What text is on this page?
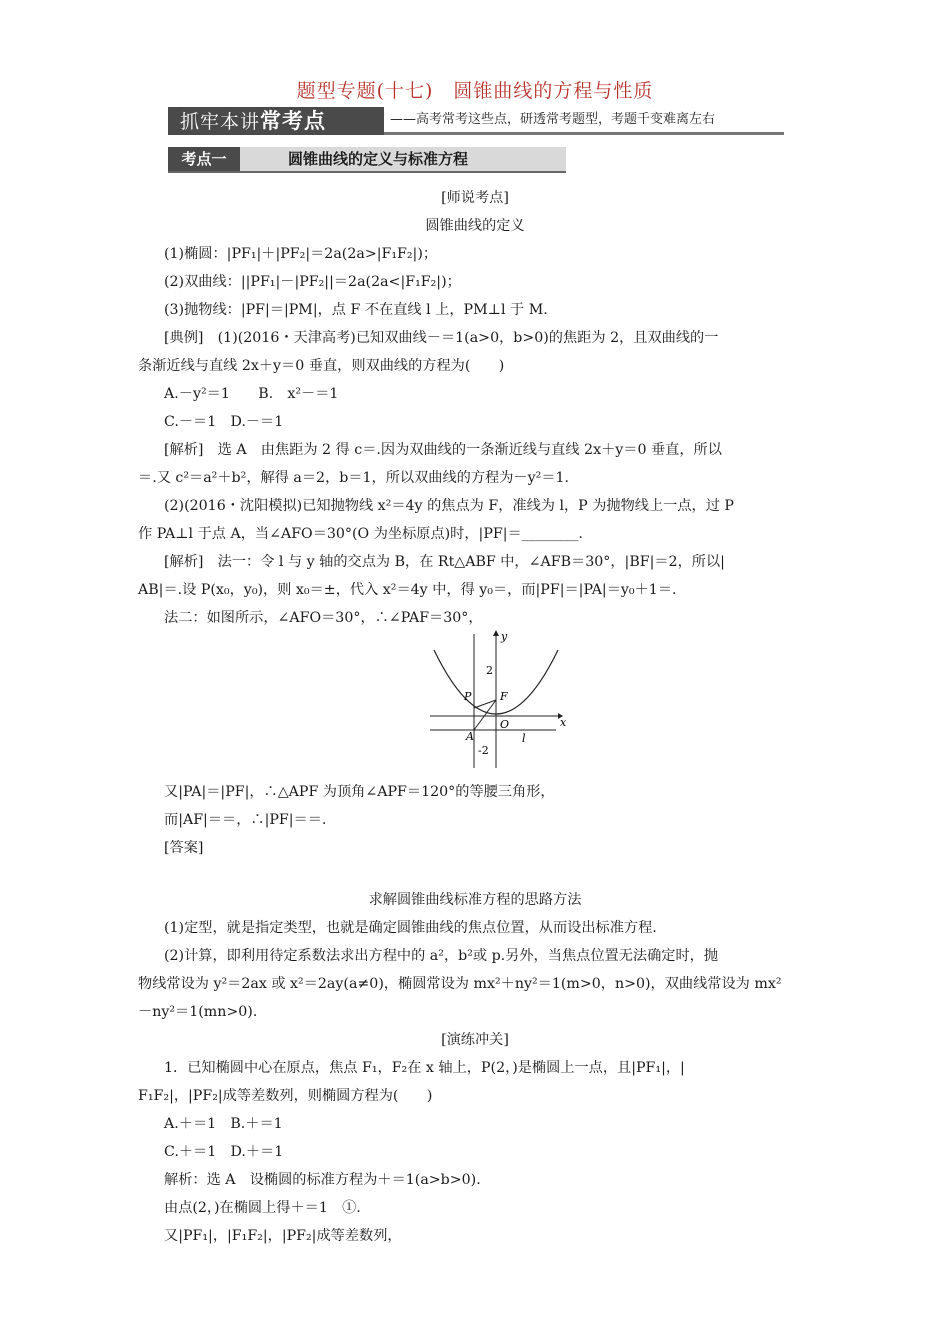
题型专题(十七)　圆锥曲线的方程与性质
抓牢本讲常考点	——高考常考这些点，研透常考题型，考题千变难离左右
考点一	圆锥曲线的定义与标准方程
[师说考点]
圆锥曲线的定义
(1)椭圆：|PF₁|＋|PF₂|＝2a(2a>|F₁F₂|)；
(2)双曲线：||PF₁|－|PF₂||＝2a(2a<|F₁F₂|)；
(3)抛物线：|PF|＝|PM|，点 F 不在直线 l 上，PM⊥l 于 M.
[典例]　(1)(2016・天津高考)已知双曲线－＝1(a>0，b>0)的焦距为 2，且双曲线的一
条渐近线与直线 2x＋y＝0 垂直，则双曲线的方程为(　　)
A.－y²＝1　　B.　x²－＝1
C.－＝1　D.－＝1
[解析]　选 A　由焦距为 2 得 c＝.因为双曲线的一条渐近线与直线 2x＋y＝0 垂直，所以
＝.又 c²＝a²＋b²，解得 a＝2，b＝1，所以双曲线的方程为－y²＝1.
(2)(2016・沈阳模拟)已知抛物线 x²＝4y 的焦点为 F，准线为 l，P 为抛物线上一点，过 P
作 PA⊥l 于点 A，当∠AFO＝30°(O 为坐标原点)时，|PF|＝________.
[解析]　法一：令 l 与 y 轴的交点为 B，在 Rt△ABF 中，∠AFB＝30°，|BF|＝2，所以|
AB|＝.设 P(x₀，y₀)，则 x₀＝±，代入 x²＝4y 中，得 y₀＝，而|PF|＝|PA|＝y₀＋1＝.
法二：如图所示，∠AFO＝30°，∴∠PAF＝30°，
x
y
2
-2
P	F
O
A	l
又|PA|＝|PF|，∴△APF 为顶角∠APF＝120°的等腰三角形，
而|AF|＝＝，∴|PF|＝＝.
[答案]
求解圆锥曲线标准方程的思路方法
(1)定型，就是指定类型，也就是确定圆锥曲线的焦点位置，从而设出标准方程.
(2)计算，即利用待定系数法求出方程中的 a²，b²或 p.另外，当焦点位置无法确定时，抛
物线常设为 y²＝2ax 或 x²＝2ay(a≠0)，椭圆常设为 mx²＋ny²＝1(m>0，n>0)，双曲线常设为 mx²
－ny²＝1(mn>0).
[演练冲关]
1．已知椭圆中心在原点，焦点 F₁，F₂在 x 轴上，P(2，)是椭圆上一点，且|PF₁|，|
F₁F₂|，|PF₂|成等差数列，则椭圆方程为(　　)
A.＋＝1　B.＋＝1
C.＋＝1　D.＋＝1
解析：选 A　设椭圆的标准方程为＋＝1(a>b>0).
由点(2，)在椭圆上得＋＝1　①.
又|PF₁|，|F₁F₂|，|PF₂|成等差数列，
